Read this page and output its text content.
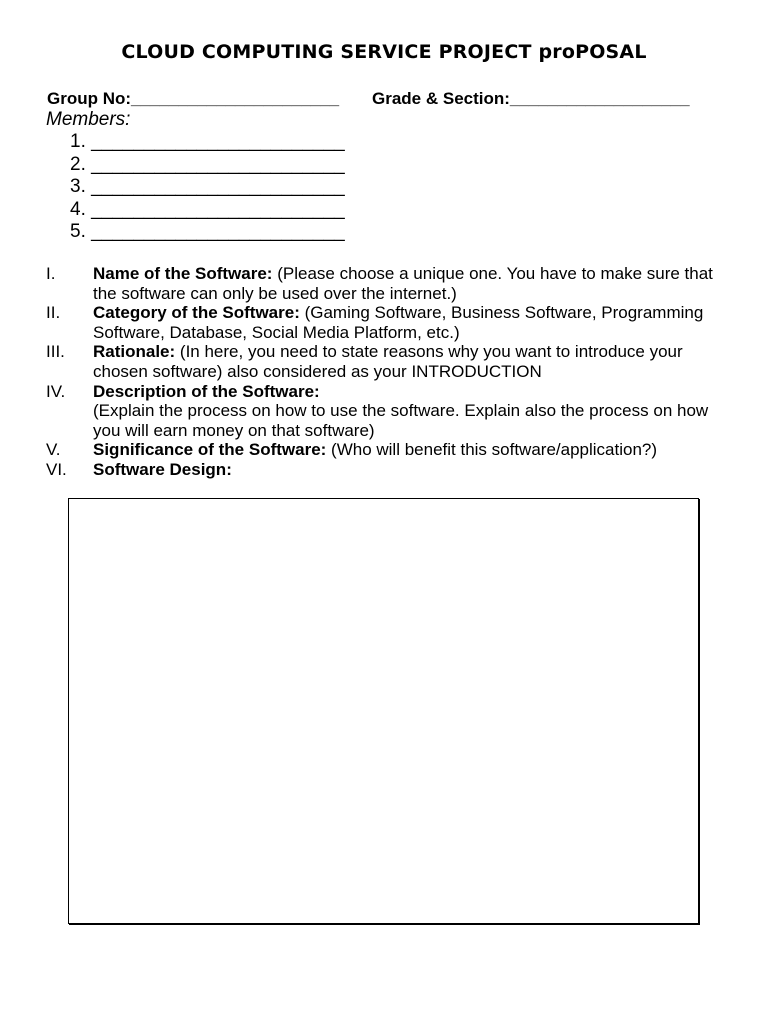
CLOUD COMPUTING SERVICE PROJECT proPOSAL
Group No:______________________ Grade & Section:___________________
Members:
1. ________________________
2. ________________________
3. ________________________
4. ________________________
5. ________________________
I.	Name of the Software: (Please choose a unique one. You have to make sure that the software can only be used over the internet.)
II.	Category of the Software: (Gaming Software, Business Software, Programming Software, Database, Social Media Platform, etc.)
III.	Rationale: (In here, you need to state reasons why you want to introduce your chosen software) also considered as your INTRODUCTION
IV.	Description of the Software:
(Explain the process on how to use the software. Explain also the process on how you will earn money on that software)
V.	Significance of the Software: (Who will benefit this software/application?)
VI.	Software Design:
